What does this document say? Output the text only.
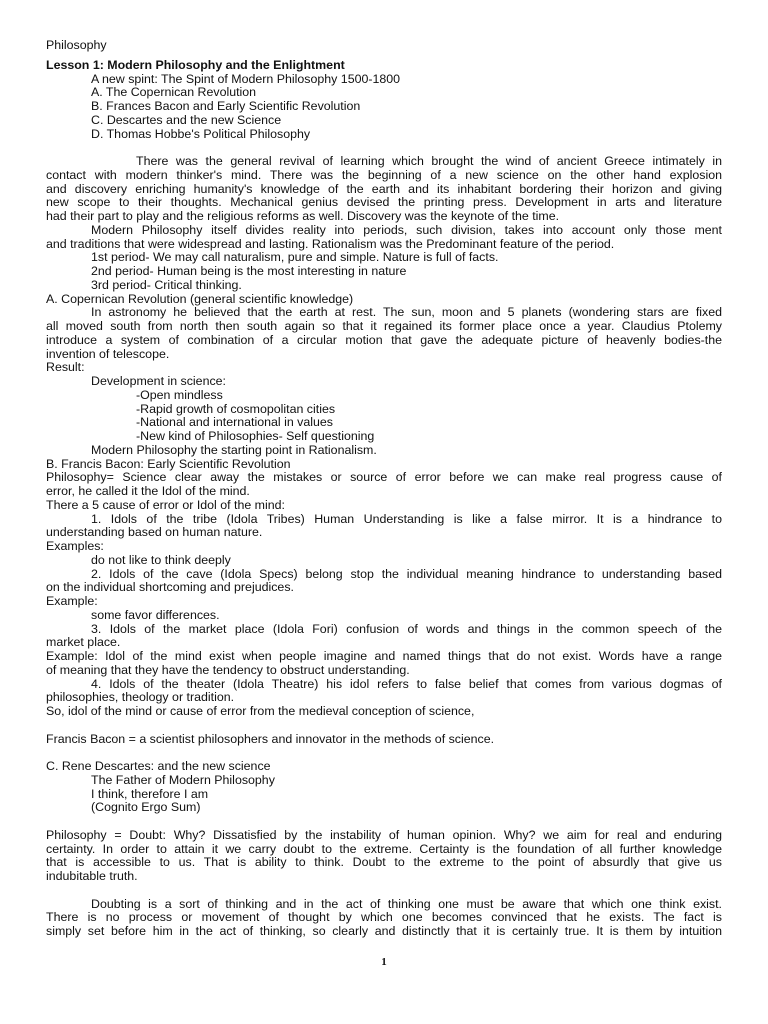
Philosophy

Lesson 1: Modern Philosophy and the Enlightment

A new spint: The Spint of Modern Philosophy 1500-1800

A. The Copernican Revolution

B. Frances Bacon and Early Scientific Revolution

C. Descartes and the new Science

D. Thomas Hobbe's Political Philosophy

There was the general revival of learning which brought the wind of ancient Greece intimately in

contact with modern thinker's mind. There was the beginning of a new science on the other hand explosion

and discovery enriching humanity's knowledge of the earth and its inhabitant bordering their horizon and giving

new scope to their thoughts. Mechanical genius devised the printing press. Development in arts and literature

had their part to play and the religious reforms as well. Discovery was the keynote of the time.

Modern Philosophy itself divides reality into periods, such division, takes into account only those ment

and traditions that were widespread and lasting. Rationalism was the Predominant feature of the period.

1st period- We may call naturalism, pure and simple. Nature is full of facts.

2nd period- Human being is the most interesting in nature

3rd period- Critical thinking.

A. Copernican Revolution (general scientific knowledge)

In astronomy he believed that the earth at rest. The sun, moon and 5 planets (wondering stars are fixed

all moved south from north then south again so that it regained its former place once a year. Claudius Ptolemy

introduce a system of combination of a circular motion that gave the adequate picture of heavenly bodies-the

invention of telescope.

Result:

Development in science:

-Open mindless

-Rapid growth of cosmopolitan cities

-National and international in values

-New kind of Philosophies- Self questioning

Modern Philosophy the starting point in Rationalism.

B. Francis Bacon: Early Scientific Revolution

Philosophy= Science clear away the mistakes or source of error before we can make real progress cause of

error, he called it the Idol of the mind.

There a 5 cause of error or Idol of the mind:

1. Idols of the tribe (Idola Tribes) Human Understanding is like a false mirror. It is a hindrance to

understanding based on human nature.

Examples:

do not like to think deeply

2. Idols of the cave (Idola Specs) belong stop the individual meaning hindrance to understanding based

on the individual shortcoming and prejudices.

Example:

some favor differences.

3. Idols of the market place (Idola Fori) confusion of words and things in the common speech of the

market place.

Example: Idol of the mind exist when people imagine and named things that do not exist. Words have a range

of meaning that they have the tendency to obstruct understanding.

4. Idols of the theater (Idola Theatre) his idol refers to false belief that comes from various dogmas of

philosophies, theology or tradition.

So, idol of the mind or cause of error from the medieval conception of science,

Francis Bacon = a scientist philosophers and innovator in the methods of science.

C. Rene Descartes: and the new science

The Father of Modern Philosophy

I think, therefore I am

(Cognito Ergo Sum)

Philosophy = Doubt: Why? Dissatisfied by the instability of human opinion. Why? we aim for real and enduring

certainty. In order to attain it we carry doubt to the extreme. Certainty is the foundation of all further knowledge

that is accessible to us. That is ability to think. Doubt to the extreme to the point of absurdly that give us

indubitable truth.

Doubting is a sort of thinking and in the act of thinking one must be aware that which one think exist.

There is no process or movement of thought by which one becomes convinced that he exists. The fact is

simply set before him in the act of thinking, so clearly and distinctly that it is certainly true. It is them by intuition

1
